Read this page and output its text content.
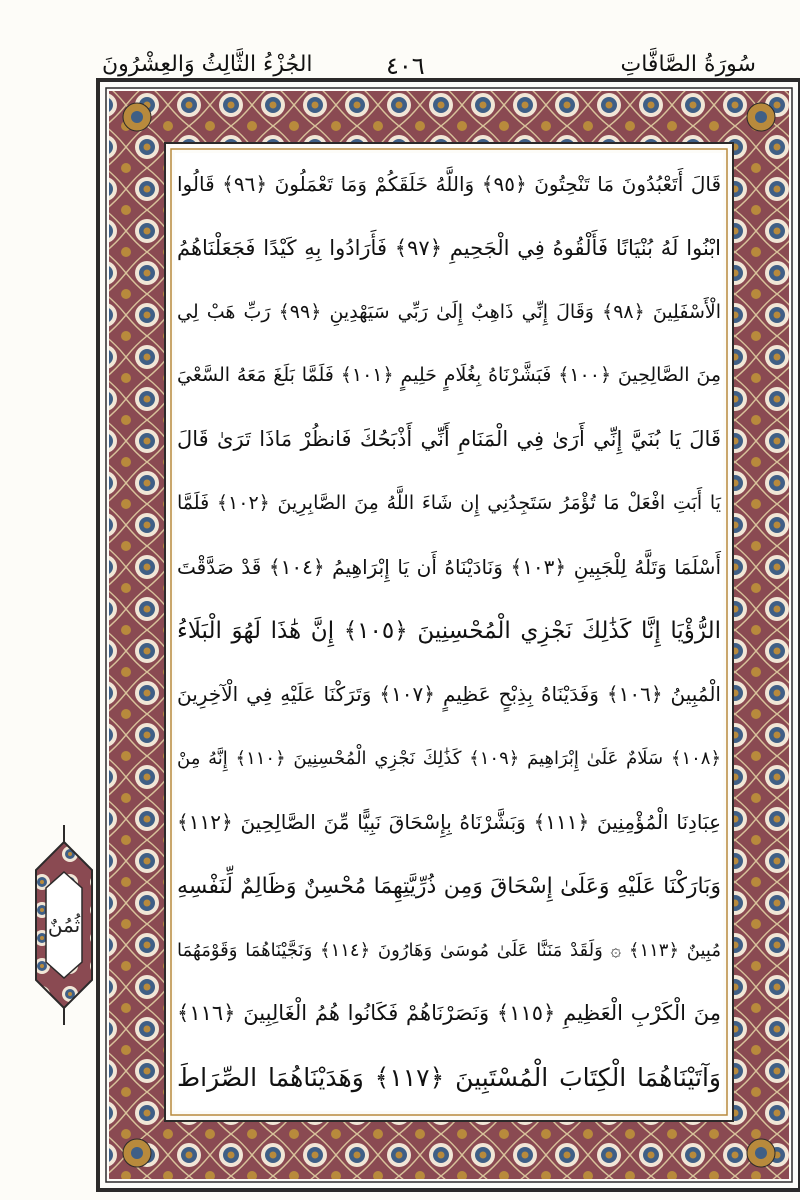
سُورَةُ الصَّافَّاتِ
٤٠٦
الجُزْءُ الثَّالِثُ وَالعِشْرُونَ
ثُمُنٌ
قَالَ أَتَعْبُدُونَ مَا تَنْحِتُونَ ﴿٩٥﴾ وَاللَّهُ خَلَقَكُمْ وَمَا تَعْمَلُونَ ﴿٩٦﴾ قَالُوا
ابْنُوا لَهُ بُنْيَانًا فَأَلْقُوهُ فِي الْجَحِيمِ ﴿٩٧﴾ فَأَرَادُوا بِهِ كَيْدًا فَجَعَلْنَاهُمُ
الْأَسْفَلِينَ ﴿٩٨﴾ وَقَالَ إِنِّي ذَاهِبٌ إِلَىٰ رَبِّي سَيَهْدِينِ ﴿٩٩﴾ رَبِّ هَبْ لِي
مِنَ الصَّالِحِينَ ﴿١٠٠﴾ فَبَشَّرْنَاهُ بِغُلَامٍ حَلِيمٍ ﴿١٠١﴾ فَلَمَّا بَلَغَ مَعَهُ السَّعْيَ
قَالَ يَا بُنَيَّ إِنِّي أَرَىٰ فِي الْمَنَامِ أَنِّي أَذْبَحُكَ فَانظُرْ مَاذَا تَرَىٰ قَالَ
يَا أَبَتِ افْعَلْ مَا تُؤْمَرُ سَتَجِدُنِي إِن شَاءَ اللَّهُ مِنَ الصَّابِرِينَ ﴿١٠٢﴾ فَلَمَّا
أَسْلَمَا وَتَلَّهُ لِلْجَبِينِ ﴿١٠٣﴾ وَنَادَيْنَاهُ أَن يَا إِبْرَاهِيمُ ﴿١٠٤﴾ قَدْ صَدَّقْتَ
الرُّؤْيَا إِنَّا كَذَٰلِكَ نَجْزِي الْمُحْسِنِينَ ﴿١٠٥﴾ إِنَّ هَٰذَا لَهُوَ الْبَلَاءُ
الْمُبِينُ ﴿١٠٦﴾ وَفَدَيْنَاهُ بِذِبْحٍ عَظِيمٍ ﴿١٠٧﴾ وَتَرَكْنَا عَلَيْهِ فِي الْآخِرِينَ
﴿١٠٨﴾ سَلَامٌ عَلَىٰ إِبْرَاهِيمَ ﴿١٠٩﴾ كَذَٰلِكَ نَجْزِي الْمُحْسِنِينَ ﴿١١٠﴾ إِنَّهُ مِنْ
عِبَادِنَا الْمُؤْمِنِينَ ﴿١١١﴾ وَبَشَّرْنَاهُ بِإِسْحَاقَ نَبِيًّا مِّنَ الصَّالِحِينَ ﴿١١٢﴾
وَبَارَكْنَا عَلَيْهِ وَعَلَىٰ إِسْحَاقَ وَمِن ذُرِّيَّتِهِمَا مُحْسِنٌ وَظَالِمٌ لِّنَفْسِهِ
مُبِينٌ ﴿١١٣﴾ ۞ وَلَقَدْ مَنَنَّا عَلَىٰ مُوسَىٰ وَهَارُونَ ﴿١١٤﴾ وَنَجَّيْنَاهُمَا وَقَوْمَهُمَا
مِنَ الْكَرْبِ الْعَظِيمِ ﴿١١٥﴾ وَنَصَرْنَاهُمْ فَكَانُوا هُمُ الْغَالِبِينَ ﴿١١٦﴾
وَآتَيْنَاهُمَا الْكِتَابَ الْمُسْتَبِينَ ﴿١١٧﴾ وَهَدَيْنَاهُمَا الصِّرَاطَ
